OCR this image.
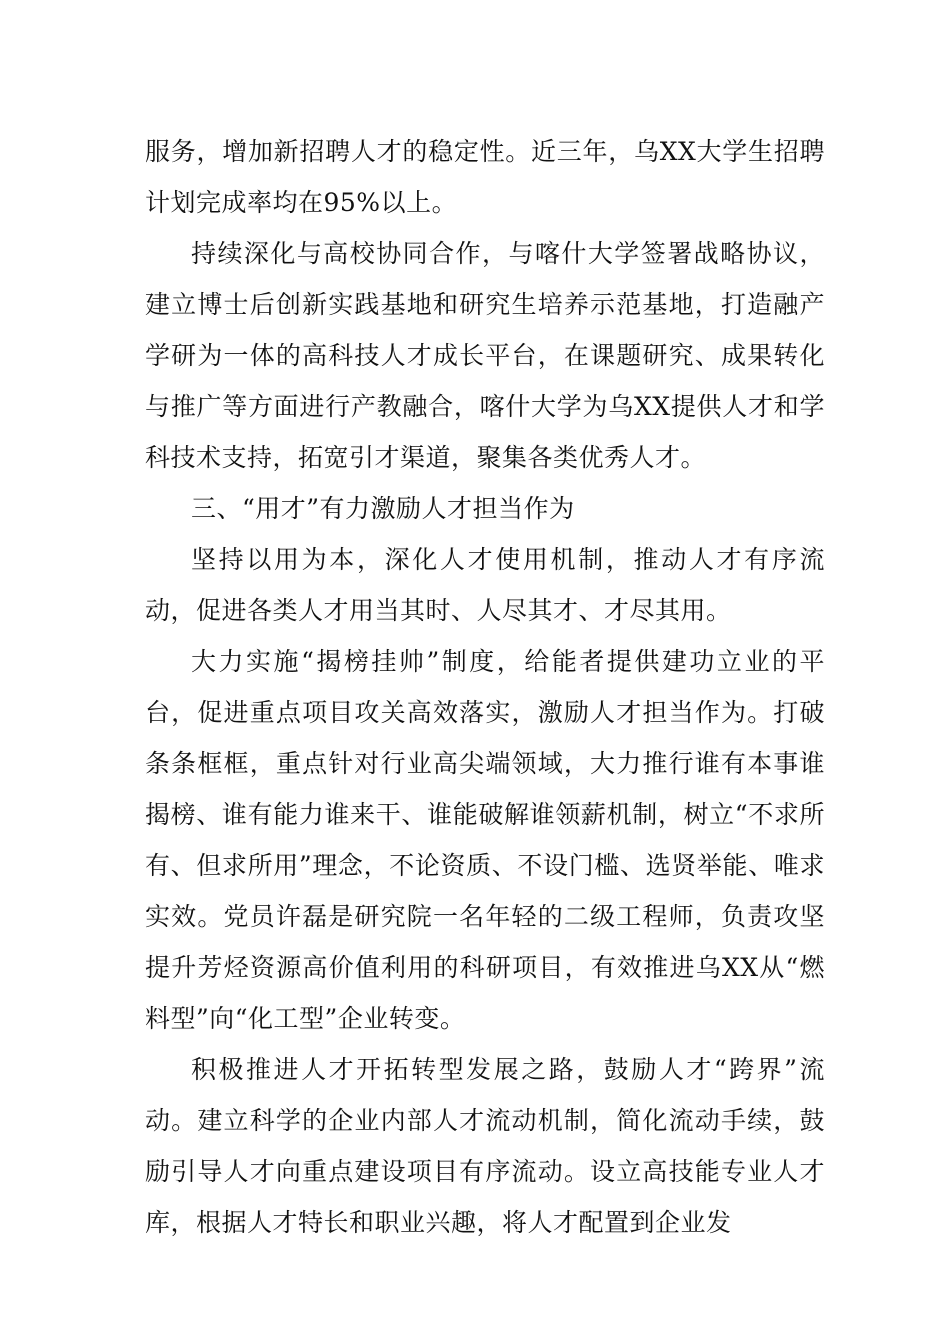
服务，增加新招聘人才的稳定性。近三年，乌XX大学生招聘计划完成率均在95%以上。

持续深化与高校协同合作，与喀什大学签署战略协议，建立博士后创新实践基地和研究生培养示范基地，打造融产学研为一体的高科技人才成长平台，在课题研究、成果转化与推广等方面进行产教融合，喀什大学为乌XX提供人才和学科技术支持，拓宽引才渠道，聚集各类优秀人才。

三、“用才”有力激励人才担当作为

坚持以用为本，深化人才使用机制，推动人才有序流动，促进各类人才用当其时、人尽其才、才尽其用。

大力实施“揭榜挂帅”制度，给能者提供建功立业的平台，促进重点项目攻关高效落实，激励人才担当作为。打破条条框框，重点针对行业高尖端领域，大力推行谁有本事谁揭榜、谁有能力谁来干、谁能破解谁领薪机制，树立“不求所有、但求所用”理念，不论资质、不设门槛、选贤举能、唯求实效。党员许磊是研究院一名年轻的二级工程师，负责攻坚提升芳烃资源高价值利用的科研项目，有效推进乌XX从“燃料型”向“化工型”企业转变。

积极推进人才开拓转型发展之路，鼓励人才“跨界”流动。建立科学的企业内部人才流动机制，简化流动手续，鼓励引导人才向重点建设项目有序流动。设立高技能专业人才库，根据人才特长和职业兴趣，将人才配置到企业发
